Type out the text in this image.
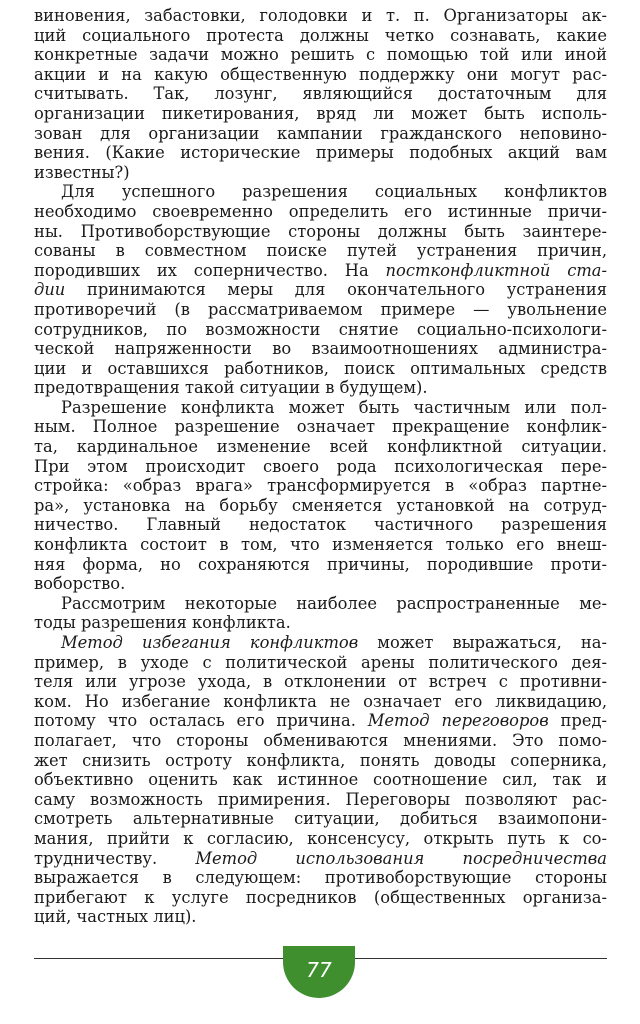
виновения, забастовки, голодовки и т. п. Организаторы ак-
ций социального протеста должны четко сознавать, какие
конкретные задачи можно решить с помощью той или иной
акции и на какую общественную поддержку они могут рас-
считывать. Так, лозунг, являющийся достаточным для
организации пикетирования, вряд ли может быть исполь-
зован для организации кампании гражданского неповино-
вения. (Какие исторические примеры подобных акций вам
известны?)
Для успешного разрешения социальных конфликтов
необходимо своевременно определить его истинные причи-
ны. Противоборствующие стороны должны быть заинтере-
сованы в совместном поиске путей устранения причин,
породивших их соперничество. На постконфликтной ста-
дии принимаются меры для окончательного устранения
противоречий (в рассматриваемом примере — увольнение
сотрудников, по возможности снятие социально-психологи-
ческой напряженности во взаимоотношениях администра-
ции и оставшихся работников, поиск оптимальных средств
предотвращения такой ситуации в будущем).
Разрешение конфликта может быть частичным или пол-
ным. Полное разрешение означает прекращение конфлик-
та, кардинальное изменение всей конфликтной ситуации.
При этом происходит своего рода психологическая пере-
стройка: «образ врага» трансформируется в «образ партне-
ра», установка на борьбу сменяется установкой на сотруд-
ничество. Главный недостаток частичного разрешения
конфликта состоит в том, что изменяется только его внеш-
няя форма, но сохраняются причины, породившие проти-
воборство.
Рассмотрим некоторые наиболее распространенные ме-
тоды разрешения конфликта.
Метод избегания конфликтов может выражаться, на-
пример, в уходе с политической арены политического дея-
теля или угрозе ухода, в отклонении от встреч с противни-
ком. Но избегание конфликта не означает его ликвидацию,
потому что осталась его причина. Метод переговоров пред-
полагает, что стороны обмениваются мнениями. Это помо-
жет снизить остроту конфликта, понять доводы соперника,
объективно оценить как истинное соотношение сил, так и
саму возможность примирения. Переговоры позволяют рас-
смотреть альтернативные ситуации, добиться взаимопони-
мания, прийти к согласию, консенсусу, открыть путь к со-
трудничеству. Метод использования посредничества
выражается в следующем: противоборствующие стороны
прибегают к услуге посредников (общественных организа-
ций, частных лиц).
77
